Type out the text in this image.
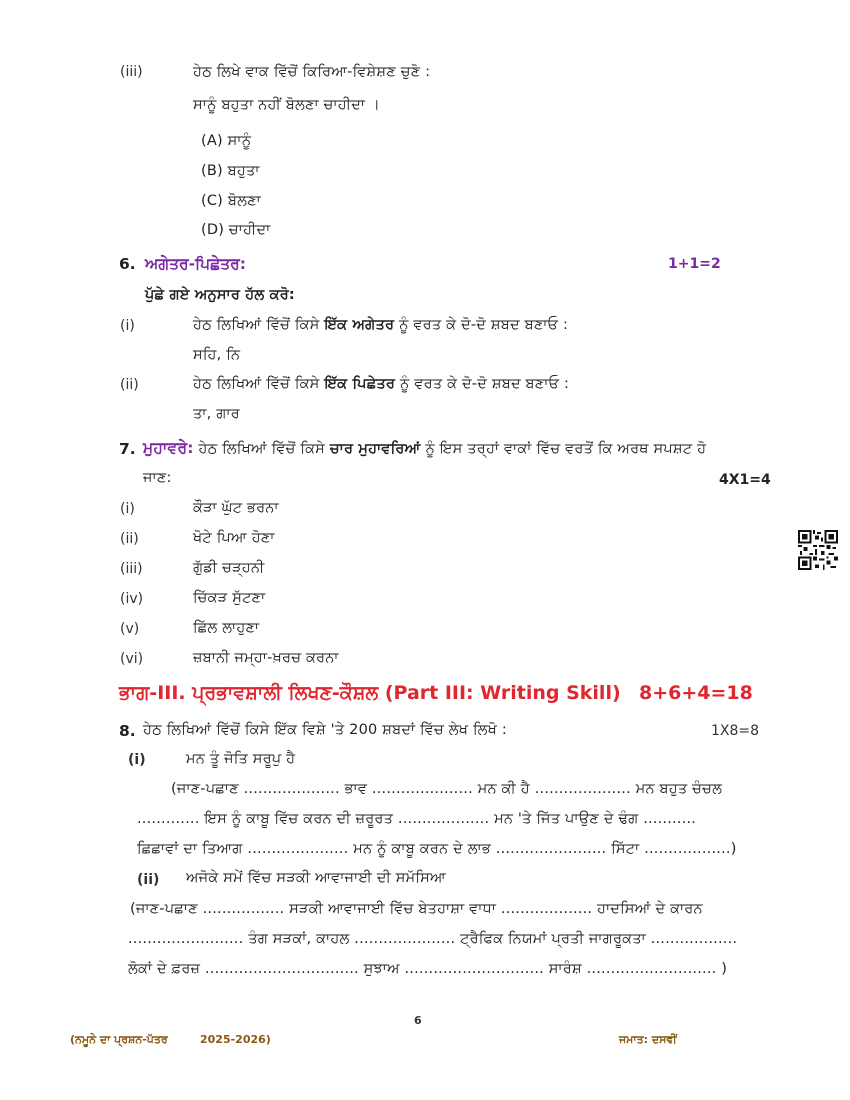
(iii)	ਹੇਠ ਲਿਖੇ ਵਾਕ ਵਿੱਚੋਂ ਕਿਰਿਆ-ਵਿਸ਼ੇਸ਼ਣ ਚੁਣੋ :
ਸਾਨੂੰ ਬਹੁਤਾ ਨਹੀਂ ਬੋਲਣਾ ਚਾਹੀਦਾ ।
(A) ਸਾਨੂੰ
(B) ਬਹੁਤਾ
(C) ਬੋਲਣਾ
(D) ਚਾਹੀਦਾ
6. ਅਗੇਤਰ-ਪਿਛੇਤਰ:	1+1=2
ਪੁੱਛੇ ਗਏ ਅਨੁਸਾਰ ਹੱਲ ਕਰੋ:
(i)	ਹੇਠ ਲਿਖਿਆਂ ਵਿੱਚੋਂ ਕਿਸੇ ਇੱਕ ਅਗੇਤਰ ਨੂੰ ਵਰਤ ਕੇ ਦੋ-ਦੋ ਸ਼ਬਦ ਬਣਾਓ :
ਸਹਿ, ਨਿ
(ii)	ਹੇਠ ਲਿਖਿਆਂ ਵਿੱਚੋਂ ਕਿਸੇ ਇੱਕ ਪਿਛੇਤਰ ਨੂੰ ਵਰਤ ਕੇ ਦੋ-ਦੋ ਸ਼ਬਦ ਬਣਾਓ :
ਤਾ, ਗਾਰ
7. ਮੁਹਾਵਰੇ: ਹੇਠ ਲਿਖਿਆਂ ਵਿੱਚੋਂ ਕਿਸੇ ਚਾਰ ਮੁਹਾਵਰਿਆਂ ਨੂੰ ਇਸ ਤਰ੍ਹਾਂ ਵਾਕਾਂ ਵਿੱਚ ਵਰਤੋਂ ਕਿ ਅਰਥ ਸਪਸ਼ਟ ਹੋ
ਜਾਣ:	4X1=4
(i)	ਕੌੜਾ ਘੁੱਟ ਭਰਨਾ
(ii)	ਖੋਟੇ ਪਿਆ ਹੋਣਾ
(iii)	ਗੁੱਡੀ ਚੜ੍ਹਨੀ
(iv)	ਚਿੱਕੜ ਸੁੱਟਣਾ
(v)	ਛਿੱਲ ਲਾਹੁਣਾ
(vi)	ਜ਼ਬਾਨੀ ਜਮ੍ਹਾ-ਖ਼ਰਚ ਕਰਨਾ
ਭਾਗ-III. ਪ੍ਰਭਾਵਸ਼ਾਲੀ ਲਿਖਣ-ਕੌਸ਼ਲ (Part III: Writing Skill) 8+6+4=18
8. ਹੇਠ ਲਿਖਿਆਂ ਵਿੱਚੋਂ ਕਿਸੇ ਇੱਕ ਵਿਸ਼ੇ 'ਤੇ 200 ਸ਼ਬਦਾਂ ਵਿੱਚ ਲੇਖ ਲਿਖੋ :	1X8=8
(i)	ਮਨ ਤੂੰ ਜੋਤਿ ਸਰੂਪੁ ਹੈ
(ਜਾਣ-ਪਛਾਣ .................... ਭਾਵ ..................... ਮਨ ਕੀ ਹੈ .................... ਮਨ ਬਹੁਤ ਚੰਚਲ
............. ਇਸ ਨੂੰ ਕਾਬੂ ਵਿੱਚ ਕਰਨ ਦੀ ਜ਼ਰੂਰਤ ................... ਮਨ 'ਤੇ ਜਿੱਤ ਪਾਉਣ ਦੇ ਢੰਗ ...........
ਛਿਛਾਵਾਂ ਦਾ ਤਿਆਗ ..................... ਮਨ ਨੂੰ ਕਾਬੂ ਕਰਨ ਦੇ ਲਾਭ ....................... ਸਿੱਟਾ ..................)
(ii) ਅਜੋਕੇ ਸਮੇਂ ਵਿੱਚ ਸੜਕੀ ਆਵਾਜਾਈ ਦੀ ਸਮੱਸਿਆ
(ਜਾਣ-ਪਛਾਣ ................. ਸੜਕੀ ਆਵਾਜਾਈ ਵਿੱਚ ਬੇਤਹਾਸ਼ਾ ਵਾਧਾ ................... ਹਾਦਸਿਆਂ ਦੇ ਕਾਰਨ
........................ ਤੰਗ ਸੜਕਾਂ, ਕਾਹਲ ..................... ਟ੍ਰੈਫਿਕ ਨਿਯਮਾਂ ਪ੍ਰਤੀ ਜਾਗਰੂਕਤਾ ..................
ਲੋਕਾਂ ਦੇ ਫ਼ਰਜ਼ ................................ ਸੁਝਾਅ ............................. ਸਾਰੰਸ਼ ........................... )
6
(ਨਮੂਨੇ ਦਾ ਪ੍ਰਸ਼ਨ-ਪੱਤਰ	2025-2026)	ਜਮਾਤ: ਦਸਵੀਂ
